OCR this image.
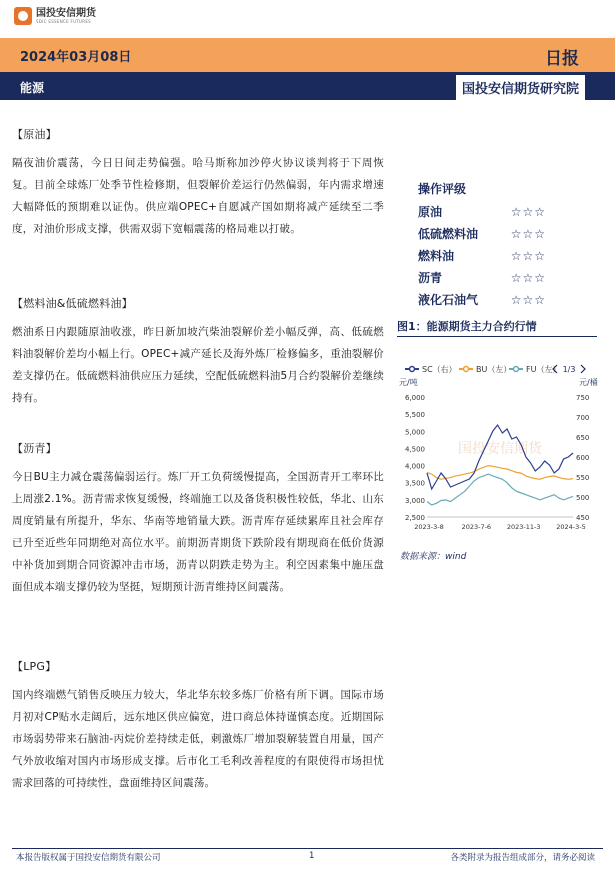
国投安信期货
SDIC ESSENCE FUTURES
2024年03月08日	日报
能源	国投安信期货研究院
【原油】

隔夜油价震荡，今日日间走势偏强。哈马斯称加沙停火协议谈判将于下周恢复。目前全球炼厂处季节性检修期，但裂解价差运行仍然偏弱，年内需求增速大幅降低的预期难以证伪。供应端OPEC+自愿减产国如期将减产延续至二季度，对油价形成支撑，供需双弱下宽幅震荡的格局难以打破。

【燃料油&低硫燃料油】

燃油系日内跟随原油收涨，昨日新加坡汽柴油裂解价差小幅反弹，高、低硫燃料油裂解价差均小幅上行。OPEC+减产延长及海外炼厂检修偏多，重油裂解价差支撑仍在。低硫燃料油供应压力延续，空配低硫燃料油5月合约裂解价差继续持有。

【沥青】

今日BU主力减仓震荡偏弱运行。炼厂开工负荷缓慢提高，全国沥青开工率环比上周涨2.1%。沥青需求恢复缓慢，终端施工以及备货积极性较低，华北、山东周度销量有所提升，华东、华南等地销量大跌。沥青库存延续累库且社会库存已升至近些年同期绝对高位水平。前期沥青期货下跌阶段有期现商在低价货源中补货加到期合同资源冲击市场，沥青以阴跌走势为主。利空因素集中施压盘面但成本端支撑仍较为坚挺，短期预计沥青维持区间震荡。

【LPG】

国内终端燃气销售反映压力较大，华北华东较多炼厂价格有所下调。国际市场月初对CP贴水走阔后，远东地区供应偏宽，进口商总体持谨慎态度。近期国际市场弱势带来石脑油-丙烷价差持续走低，刺激炼厂增加裂解装置自用量，国产气外放收缩对国内市场形成支撑。后市化工毛利改善程度的有限使得市场担忧需求回落的可持续性，盘面维持区间震荡。

操作评级
原油	☆☆☆
低硫燃料油	☆☆☆
燃料油	☆☆☆
沥青	☆☆☆
液化石油气	☆☆☆
图1：能源期货主力合约行情
SC（右） BU（左） FU（左） 1/3
元/吨	元/桶
国投安信期货
2,500
3,000
3,500
4,000
4,500
5,000
5,500
6,000
450
500
550
600
650
700
750
2023-3-8	2023-7-6 2023-11-3 2024-3-5
数据来源：wind
本报告版权属于国投安信期货有限公司	1	各类附录为报告组成部分，请务必阅读
